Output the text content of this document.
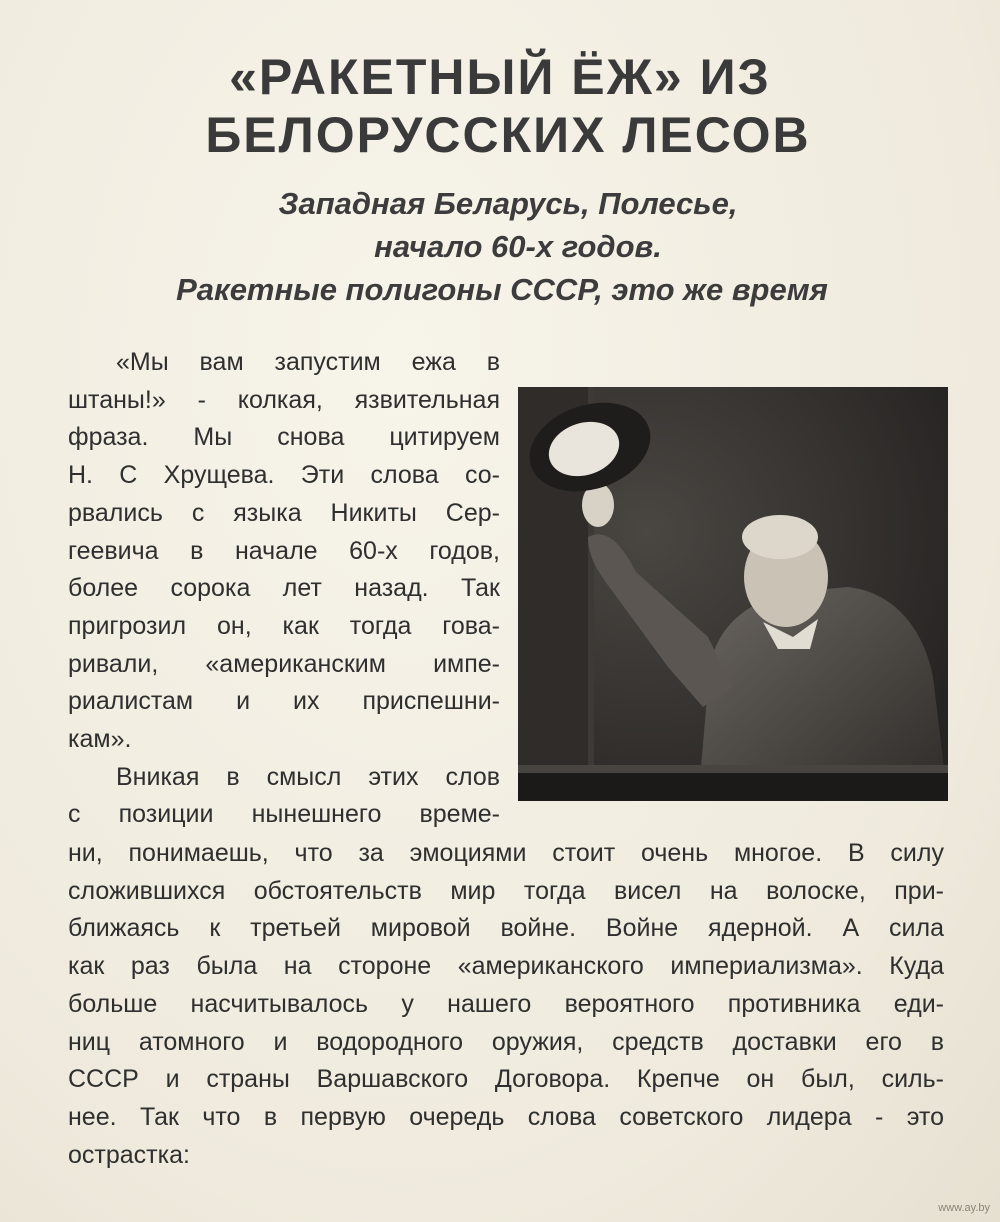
«РАКЕТНЫЙ ЁЖ» ИЗ
БЕЛОРУССКИХ ЛЕСОВ
Западная Беларусь, Полесье,
начало 60-х годов.
Ракетные полигоны СССР, это же время
«Мы вам запустим ежа в
штаны!» - колкая, язвительная
фраза. Мы снова цитируем
Н. С Хрущева. Эти слова со-
рвались с языка Никиты Сер-
геевича в начале 60-х годов,
более сорока лет назад. Так
пригрозил он, как тогда гова-
ривали, «американским импе-
риалистам и их приспешни-
кам».
Вникая в смысл этих слов
с позиции нынешнего време-
ни, понимаешь, что за эмоциями стоит очень многое. В силу
сложившихся обстоятельств мир тогда висел на волоске, при-
ближаясь к третьей мировой войне. Войне ядерной. А сила
как раз была на стороне «американского империализма». Куда
больше насчитывалось у нашего вероятного противника еди-
ниц атомного и водородного оружия, средств доставки его в
СССР и страны Варшавского Договора. Крепче он был, силь-
нее. Так что в первую очередь слова советского лидера - это
острастка:
www.ay.by
